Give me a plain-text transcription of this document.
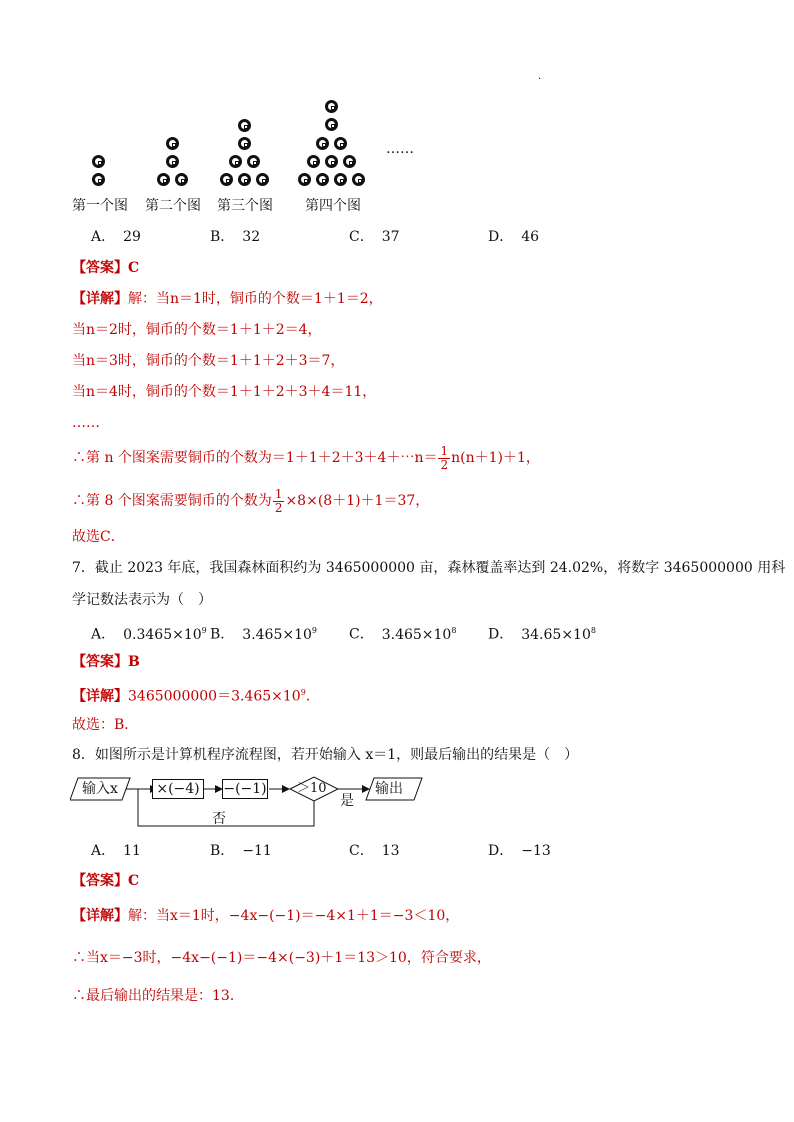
·
……
第一个图 第二个图 第三个图 第四个图
A． 29	B． 32	C． 37	D． 46
【答案】C
【详解】解：当n＝1时，铜币的个数＝1＋1＝2，
当n＝2时，铜币的个数＝1＋1＋2＝4，
当n＝3时，铜币的个数＝1＋1＋2＋3＝7，
当n＝4时，铜币的个数＝1＋1＋2＋3＋4＝11，
……
∴第 n 个图案需要铜币的个数为＝1＋1＋2＋3＋4＋⋯n＝ $\frac{1}{2} n(n+1)+1$，
∴第 8 个图案需要铜币的个数为 $\frac{1}{2} \times 8\times(8+1)+1=37$，
故选C．
7．截止 2023 年底，我国森林面积约为 3465000000 亩，森林覆盖率达到 24.02%，将数字 3465000000 用科
学记数法表示为（　）
A． $0.3465\times 10^9$ B． $3.465\times 10^9$ C． $3.465\times 10^8$ D． $34.65\times 10^8$
【答案】B
【详解】$3465000000=3.465\times 10^9$．
故选：B．
8．如图所示是计算机程序流程图，若开始输入 x＝1，则最后输出的结果是（　）
输入x	×(−4)	−(−1) ＞10
是
输出
否
A． 11	B． −11	C． 13	D． −13
【答案】C
【详解】解：当x＝1时，−4x−(−1)＝−4×1＋1＝−3＜10，
∴当x＝−3时，−4x−(−1)＝−4×(−3)＋1＝13＞10，符合要求，
∴最后输出的结果是：13．
